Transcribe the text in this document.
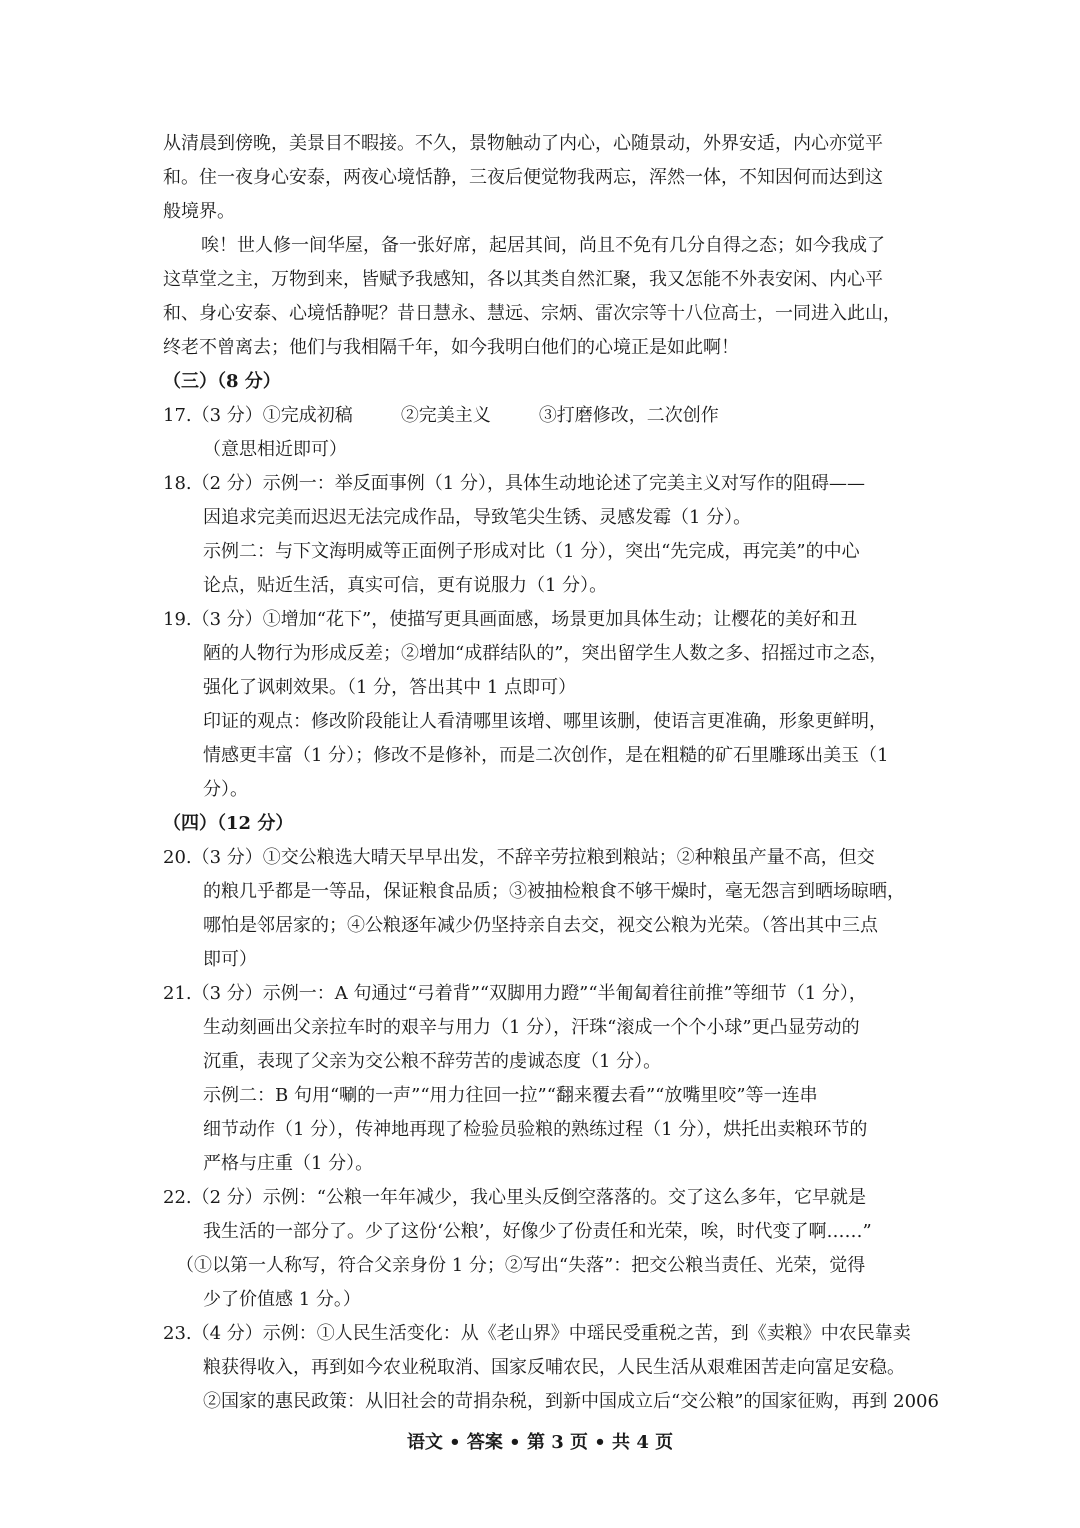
从清晨到傍晚，美景目不暇接。不久，景物触动了内心，心随景动，外界安适，内心亦觉平
和。住一夜身心安泰，两夜心境恬静，三夜后便觉物我两忘，浑然一体，不知因何而达到这
般境界。
唉！世人修一间华屋，备一张好席，起居其间，尚且不免有几分自得之态；如今我成了
这草堂之主，万物到来，皆赋予我感知，各以其类自然汇聚，我又怎能不外表安闲、内心平
和、身心安泰、心境恬静呢？昔日慧永、慧远、宗炳、雷次宗等十八位高士，一同进入此山，
终老不曾离去；他们与我相隔千年，如今我明白他们的心境正是如此啊！
（三）（8 分）
17.（3 分）①完成初稿	②完美主义	③打磨修改，二次创作
（意思相近即可）
18.（2 分）示例一：举反面事例（1 分），具体生动地论述了完美主义对写作的阻碍——
因追求完美而迟迟无法完成作品，导致笔尖生锈、灵感发霉（1 分）。
示例二：与下文海明威等正面例子形成对比（1 分），突出“先完成，再完美”的中心
论点，贴近生活，真实可信，更有说服力（1 分）。
19.（3 分）①增加“花下”，使描写更具画面感，场景更加具体生动；让樱花的美好和丑
陋的人物行为形成反差；②增加“成群结队的”，突出留学生人数之多、招摇过市之态，
强化了讽刺效果。（1 分，答出其中 1 点即可）
印证的观点：修改阶段能让人看清哪里该增、哪里该删，使语言更准确，形象更鲜明，
情感更丰富（1 分）；修改不是修补，而是二次创作，是在粗糙的矿石里雕琢出美玉（1
分）。
（四）（12 分）
20.（3 分）①交公粮选大晴天早早出发，不辞辛劳拉粮到粮站；②种粮虽产量不高，但交
的粮几乎都是一等品，保证粮食品质；③被抽检粮食不够干燥时，毫无怨言到晒场晾晒，
哪怕是邻居家的；④公粮逐年减少仍坚持亲自去交，视交公粮为光荣。（答出其中三点
即可）
21.（3 分）示例一：A 句通过“弓着背”“双脚用力蹬”“半匍匐着往前推”等细节（1 分），
生动刻画出父亲拉车时的艰辛与用力（1 分），汗珠“滚成一个个小球”更凸显劳动的
沉重，表现了父亲为交公粮不辞劳苦的虔诚态度（1 分）。
示例二：B 句用“唰的一声”“用力往回一拉”“翻来覆去看”“放嘴里咬”等一连串
细节动作（1 分），传神地再现了检验员验粮的熟练过程（1 分），烘托出卖粮环节的
严格与庄重（1 分）。
22.（2 分）示例：“公粮一年年减少，我心里头反倒空落落的。交了这么多年，它早就是
我生活的一部分了。少了这份‘公粮’，好像少了份责任和光荣，唉，时代变了啊……”
（①以第一人称写，符合父亲身份 1 分；②写出“失落”：把交公粮当责任、光荣，觉得
少了价值感 1 分。）
23.（4 分）示例：①人民生活变化：从《老山界》中瑶民受重税之苦，到《卖粮》中农民靠卖
粮获得收入，再到如今农业税取消、国家反哺农民，人民生活从艰难困苦走向富足安稳。
②国家的惠民政策：从旧社会的苛捐杂税，到新中国成立后“交公粮”的国家征购，再到 2006
语文 • 答案 • 第 3 页 • 共 4 页
